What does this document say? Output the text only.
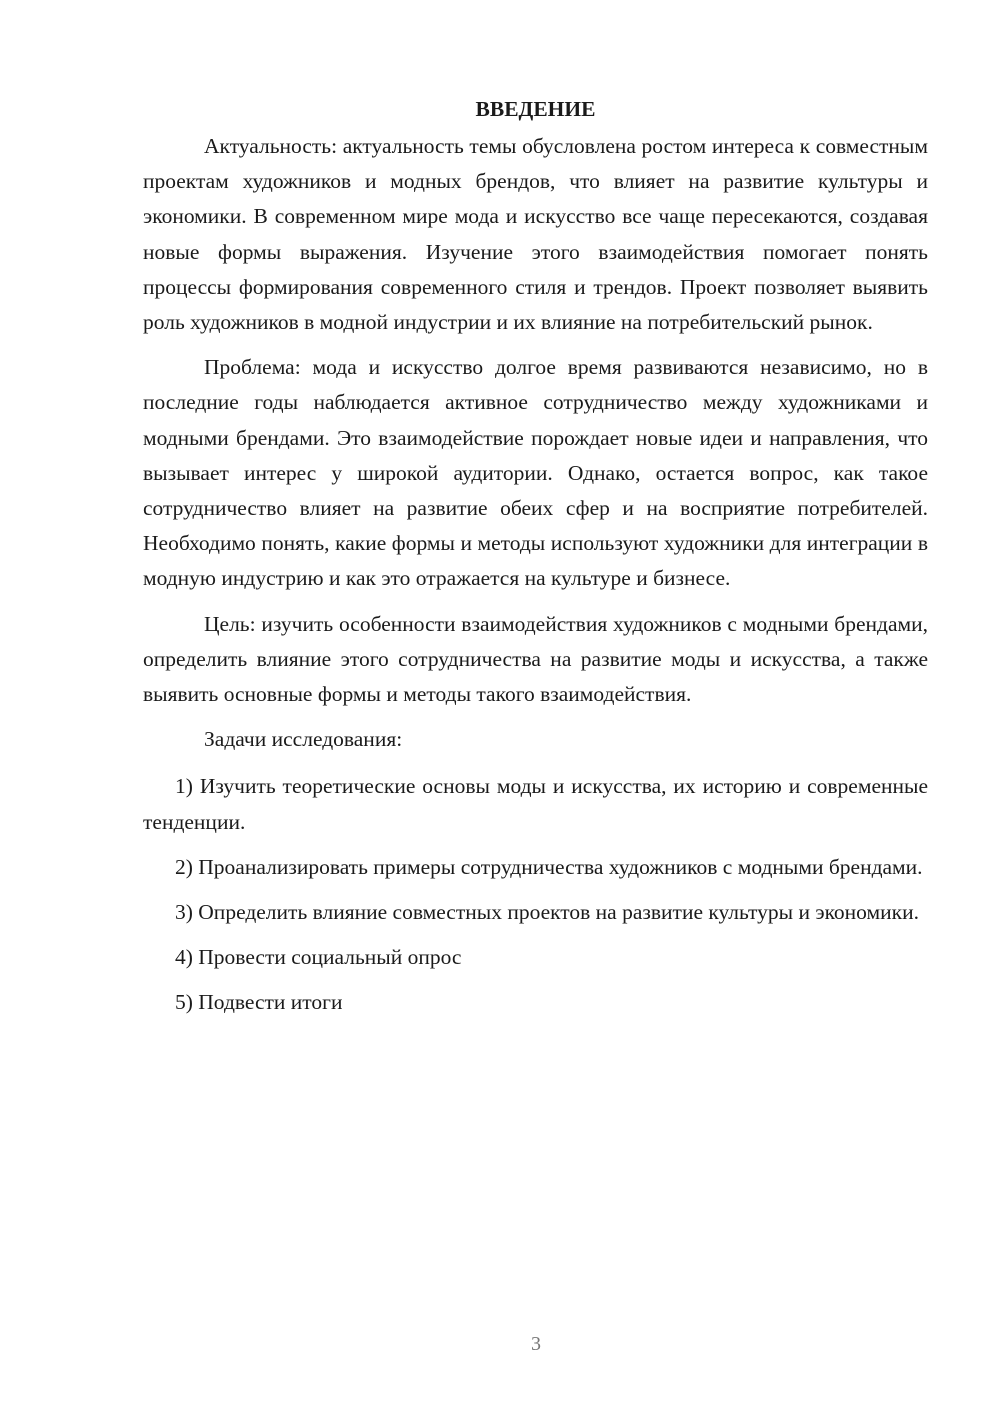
ВВЕДЕНИЕ

Актуальность: актуальность темы обусловлена ростом интереса к совместным проектам художников и модных брендов, что влияет на развитие культуры и экономики. В современном мире мода и искусство все чаще пересекаются, создавая новые формы выражения. Изучение этого взаимодействия помогает понять процессы формирования современного стиля и трендов. Проект позволяет выявить роль художников в модной индустрии и их влияние на потребительский рынок.

Проблема: мода и искусство долгое время развиваются независимо, но в последние годы наблюдается активное сотрудничество между художниками и модными брендами. Это взаимодействие порождает новые идеи и направления, что вызывает интерес у широкой аудитории. Однако, остается вопрос, как такое сотрудничество влияет на развитие обеих сфер и на восприятие потребителей. Необходимо понять, какие формы и методы используют художники для интеграции в модную индустрию и как это отражается на культуре и бизнесе.

Цель: изучить особенности взаимодействия художников с модными брендами, определить влияние этого сотрудничества на развитие моды и искусства, а также выявить основные формы и методы такого взаимодействия.

Задачи исследования:

1) Изучить теоретические основы моды и искусства, их историю и современные тенденции.

2) Проанализировать примеры сотрудничества художников с модными брендами.

3) Определить влияние совместных проектов на развитие культуры и экономики.

4) Провести социальный опрос

5) Подвести итоги

3
